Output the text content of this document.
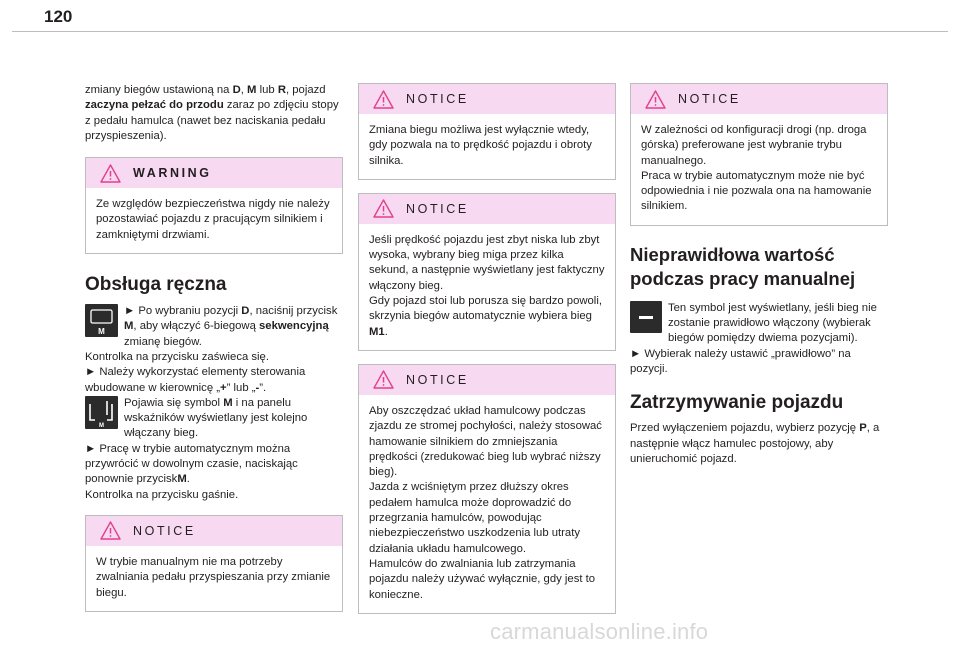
120

zmiany biegów ustawioną na D, M lub R, pojazd zaczyna pełzać do przodu zaraz po zdjęciu stopy z pedału hamulca (nawet bez naciskania pedału przyspieszenia).

WARNING

Ze względów bezpieczeństwa nigdy nie należy pozostawiać pojazdu z pracującym silnikiem i zamkniętymi drzwiami.

Obsługa ręczna
M

► Po wybraniu pozycji D, naciśnij przycisk M, aby włączyć 6-biegową sekwencyjną zmianę biegów.

Kontrolka na przycisku zaświeca się.

► Należy wykorzystać elementy sterowania wbudowane w kierownicę „+” lub „-”.

M

Pojawia się symbol M i na panelu wskaźników wyświetlany jest kolejno włączany bieg.

► Pracę w trybie automatycznym można przywrócić w dowolnym czasie, naciskając ponownie przyciskM.

Kontrolka na przycisku gaśnie.

NOTICE

W trybie manualnym nie ma potrzeby zwalniania pedału przyspieszania przy zmianie biegu.

NOTICE

Zmiana biegu możliwa jest wyłącznie wtedy, gdy pozwala na to prędkość pojazdu i obroty silnika.

NOTICE

Jeśli prędkość pojazdu jest zbyt niska lub zbyt wysoka, wybrany bieg miga przez kilka sekund, a następnie wyświetlany jest faktyczny włączony bieg.

Gdy pojazd stoi lub porusza się bardzo powoli, skrzynia biegów automatycznie wybiera bieg M1.

NOTICE

Aby oszczędzać układ hamulcowy podczas zjazdu ze stromej pochyłości, należy stosować hamowanie silnikiem do zmniejszania prędkości (zredukować bieg lub wybrać niższy bieg).

Jazda z wciśniętym przez dłuższy okres pedałem hamulca może doprowadzić do przegrzania hamulców, powodując niebezpieczeństwo uszkodzenia lub utraty działania układu hamulcowego.

Hamulców do zwalniania lub zatrzymania pojazdu należy używać wyłącznie, gdy jest to konieczne.

NOTICE

W zależności od konfiguracji drogi (np. droga górska) preferowane jest wybranie trybu manualnego.

Praca w trybie automatycznym może nie być odpowiednia i nie pozwala ona na hamowanie silnikiem.

Nieprawidłowa wartość podczas pracy manualnej

Ten symbol jest wyświetlany, jeśli bieg nie zostanie prawidłowo włączony (wybierak biegów pomiędzy dwiema pozycjami).

► Wybierak należy ustawić „prawidłowo” na pozycji.

Zatrzymywanie pojazdu

Przed wyłączeniem pojazdu, wybierz pozycję P, a następnie włącz hamulec postojowy, aby unieruchomić pojazd.

carmanualsonline.info
